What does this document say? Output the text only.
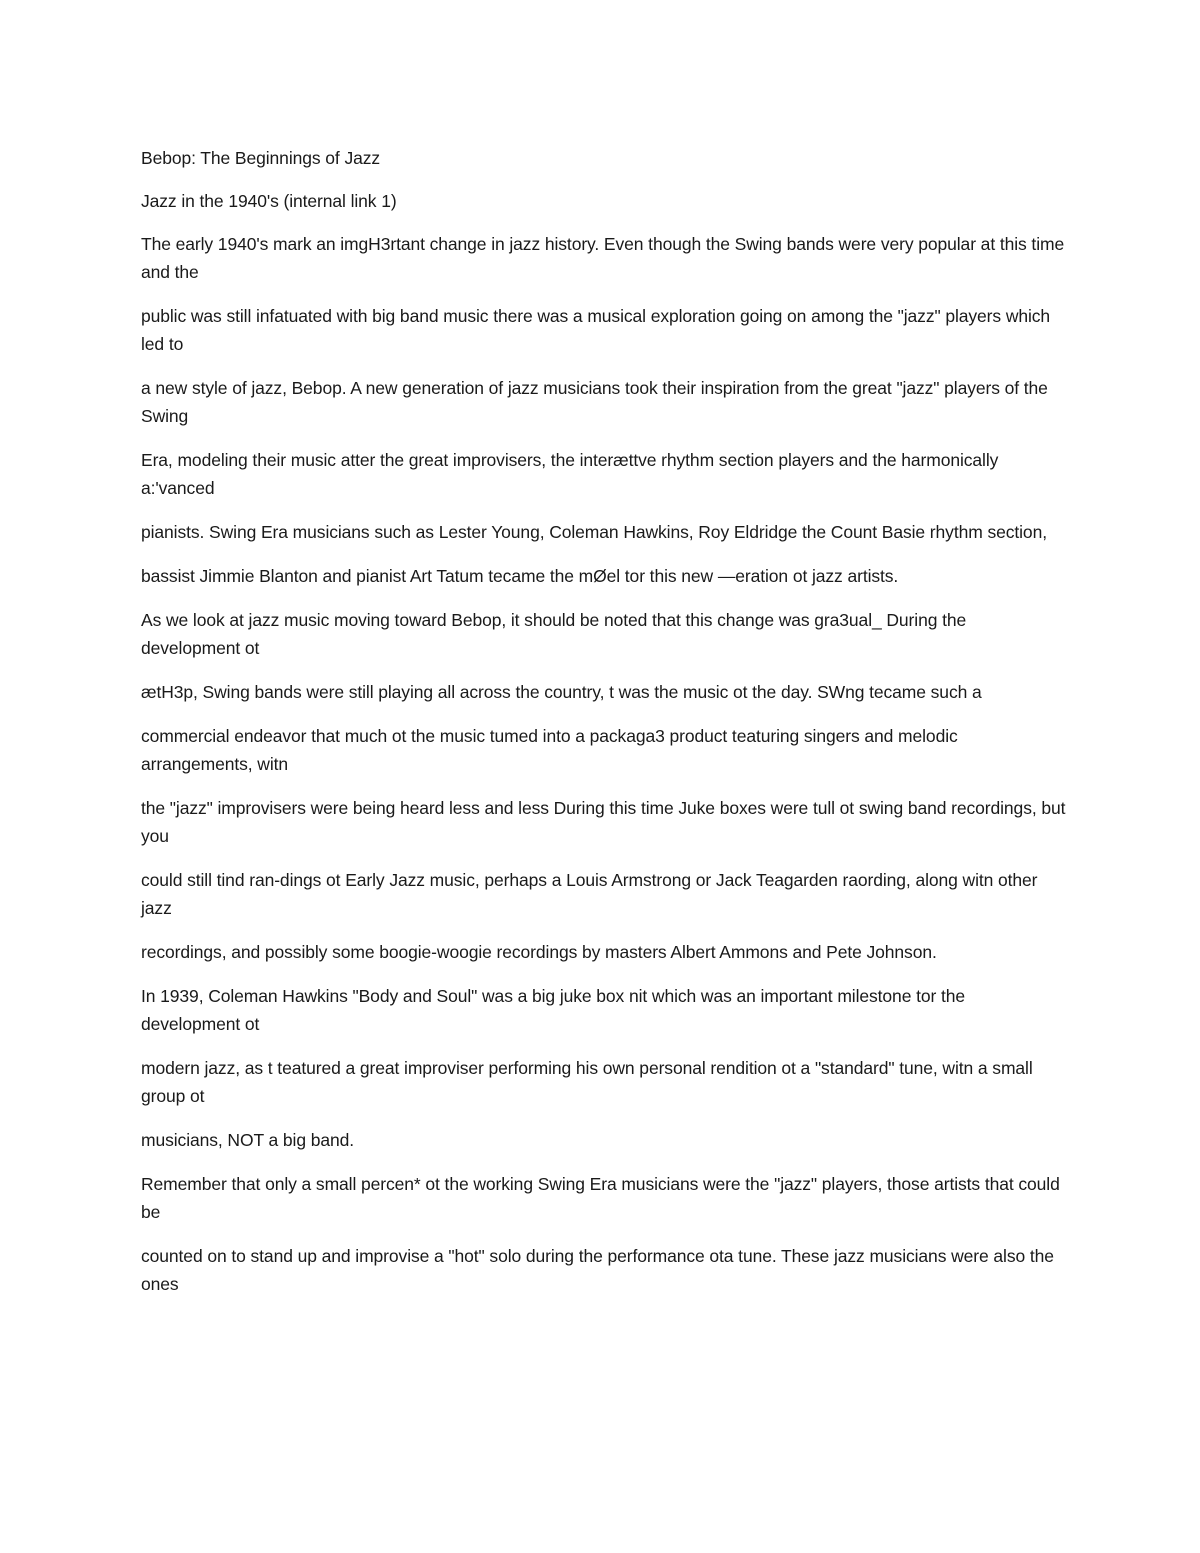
Bebop: The Beginnings of Jazz

Jazz in the 1940's (internal link 1)

The early 1940's mark an imgH3rtant change in jazz history. Even though the Swing bands were very popular at this time and the

public was still infatuated with big band music there was a musical exploration going on among the "jazz" players which led to

a new style of jazz, Bebop. A new generation of jazz musicians took their inspiration from the great "jazz" players of the Swing

Era, modeling their music atter the great improvisers, the interættve rhythm section players and the harmonically a:'vanced

pianists. Swing Era musicians such as Lester Young, Coleman Hawkins, Roy Eldridge the Count Basie rhythm section,

bassist Jimmie Blanton and pianist Art Tatum tecame the mØel tor this new —eration ot jazz artists.

As we look at jazz music moving toward Bebop, it should be noted that this change was gra3ual_ During the development ot

ætH3p, Swing bands were still playing all across the country, t was the music ot the day. SWng tecame such a

commercial endeavor that much ot the music tumed into a packaga3 product teaturing singers and melodic arrangements, witn

the "jazz" improvisers were being heard less and less During this time Juke boxes were tull ot swing band recordings, but you

could still tind ran-dings ot Early Jazz music, perhaps a Louis Armstrong or Jack Teagarden raording, along witn other jazz

recordings, and possibly some boogie-woogie recordings by masters Albert Ammons and Pete Johnson.

In 1939, Coleman Hawkins "Body and Soul" was a big juke box nit which was an important milestone tor the development ot

modern jazz, as t teatured a great improviser performing his own personal rendition ot a "standard" tune, witn a small group ot

musicians, NOT a big band.

Remember that only a small percen* ot the working Swing Era musicians were the "jazz" players, those artists that could be

counted on to stand up and improvise a "hot" solo during the performance ota tune. These jazz musicians were also the ones
